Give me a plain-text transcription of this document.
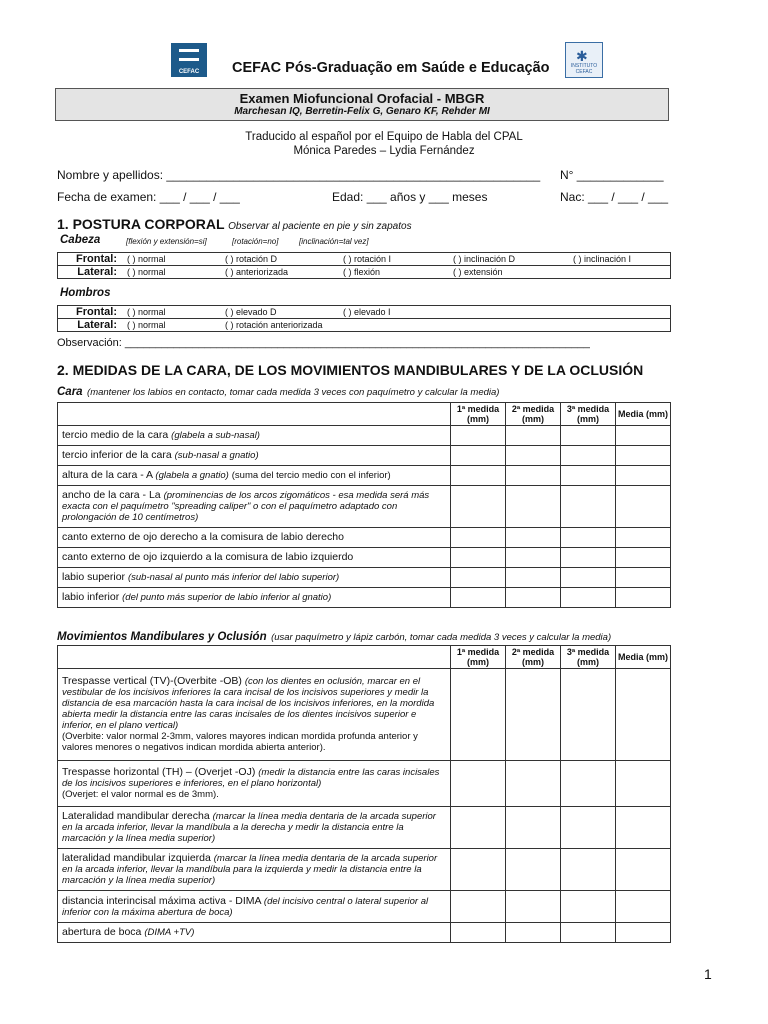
CEFAC
✱
INSTITUTO CEFAC
CEFAC Pós-Graduação em Saúde e Educação
Examen Miofuncional Orofacial - MBGR
Marchesan IQ, Berretin-Felix G, Genaro KF, Rehder MI
Traducido al español por el Equipo de Habla del CPAL
Mónica Paredes – Lydia Fernández
Nombre y apellidos: ________________________________________________________ N° _____________
Fecha de examen: ___ / ___ / ___	Edad: ___ años y ___ meses	Nac: ___ / ___ / ___
1. POSTURA CORPORAL Observar al paciente en pie y sin zapatos
Cabeza	[flexión y extensión=si]	[rotación=no]	[inclinación=tal vez]
Frontal:	( ) normal	( ) rotación D	( ) rotación I	( ) inclinación D	( ) inclinación I
Lateral:	( ) normal	( ) anteriorizada	( ) flexión	( ) extensión	
Hombros
Frontal:	( ) normal	( ) elevado D	( ) elevado I		
Lateral:	( ) normal	( ) rotación anteriorizada			
Observación: ____________________________________________________________________________
2. MEDIDAS DE LA CARA, DE LOS MOVIMIENTOS MANDIBULARES Y DE LA OCLUSIÓN
Cara (mantener los labios en contacto, tomar cada medida 3 veces con paquímetro y calcular la media)
	1ª medida (mm)	2ª medida (mm)	3ª medida (mm)	Media (mm)
tercio medio de la cara (glabela a sub-nasal)				
tercio inferior de la cara (sub-nasal a gnatio)				
altura de la cara - A (glabela a gnatio) (suma del tercio medio con el inferior)				
ancho de la cara - La (prominencias de los arcos zigomáticos - esa medida será más exacta con el paquímetro "spreading caliper" o con el paquímetro adaptado con prolongación de 10 centímetros)				
canto externo de ojo derecho a la comisura de labio derecho				
canto externo de ojo izquierdo a la comisura de labio izquierdo				
labio superior (sub-nasal al punto más inferior del labio superior)				
labio inferior (del punto más superior de labio inferior al gnatio)				
Movimientos Mandibulares y Oclusión (usar paquímetro y lápiz carbón, tomar cada medida 3 veces y calcular la media)
	1ª medida (mm)	2ª medida (mm)	3ª medida (mm)	Media (mm)
Trespasse vertical (TV)-(Overbite -OB) (con los dientes en oclusión, marcar en el vestibular de los incisivos inferiores la cara incisal de los incisivos superiores y medir la distancia de esa marcación hasta la cara incisal de los incisivos inferiores, en la mordida abierta medir la distancia entre las caras incisales de los dientes incisivos superior e inferior, en el plano vertical)
(Overbite: valor normal 2-3mm, valores mayores indican mordida profunda anterior y valores menores o negativos indican mordida abierta anterior).				
Trespasse horizontal (TH) – (Overjet -OJ) (medir la distancia entre las caras incisales de los incisivos superiores e inferiores, en el plano horizontal)
(Overjet: el valor normal es de 3mm).				
Lateralidad mandibular derecha (marcar la línea media dentaria de la arcada superior en la arcada inferior, llevar la mandíbula a la derecha y medir la distancia entre la marcación y la línea media superior)				
lateralidad mandibular izquierda (marcar la línea media dentaria de la arcada superior en la arcada inferior, llevar la mandíbula para la izquierda y medir la distancia entre la marcación y la línea media superior)				
distancia interincisal máxima activa - DIMA (del incisivo central o lateral superior al inferior con la máxima abertura de boca)				
abertura de boca (DIMA +TV)				
1
